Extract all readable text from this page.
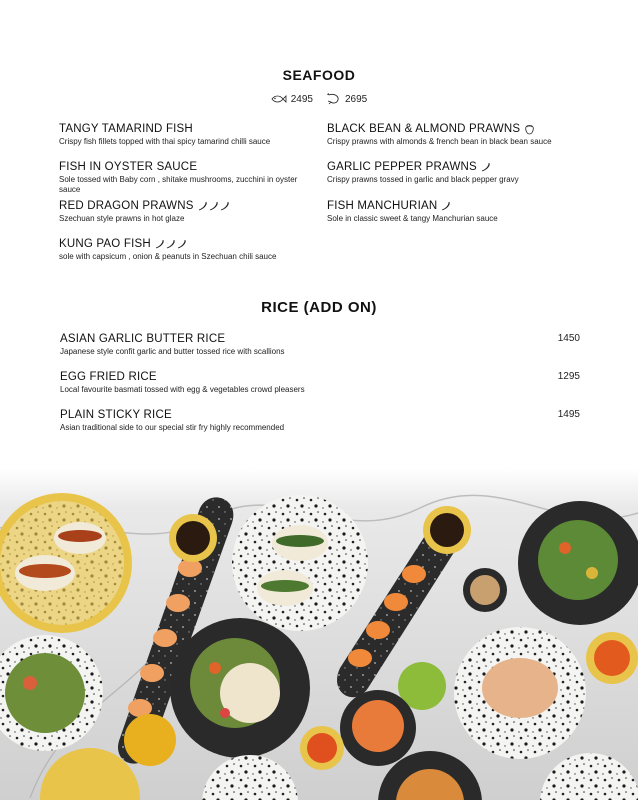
SEAFOOD
2495	2695
TANGY TAMARIND FISH
Crispy fish fillets topped with thai spicy tamarind chilli sauce
FISH IN OYSTER SAUCE
Sole tossed with Baby corn , shitake mushrooms, zucchini in oyster sauce
RED DRAGON PRAWNS
Szechuan style prawns in hot glaze
KUNG PAO FISH
sole with capsicum , onion & peanuts in Szechuan chili sauce
BLACK BEAN & ALMOND PRAWNS
Crispy prawns with almonds & french bean in black bean sauce
GARLIC PEPPER PRAWNS
Crispy prawns tossed in garlic and black pepper gravy
FISH MANCHURIAN
Sole in classic sweet & tangy Manchurian sauce
RICE (ADD ON)
ASIAN GARLIC BUTTER RICE
Japanese style confit garlic and butter tossed rice with scallions
1450
EGG FRIED RICE
Local favourite basmati tossed with egg & vegetables crowd pleasers
1295
PLAIN STICKY RICE
Asian traditional side to our special stir fry highly recommended
1495
